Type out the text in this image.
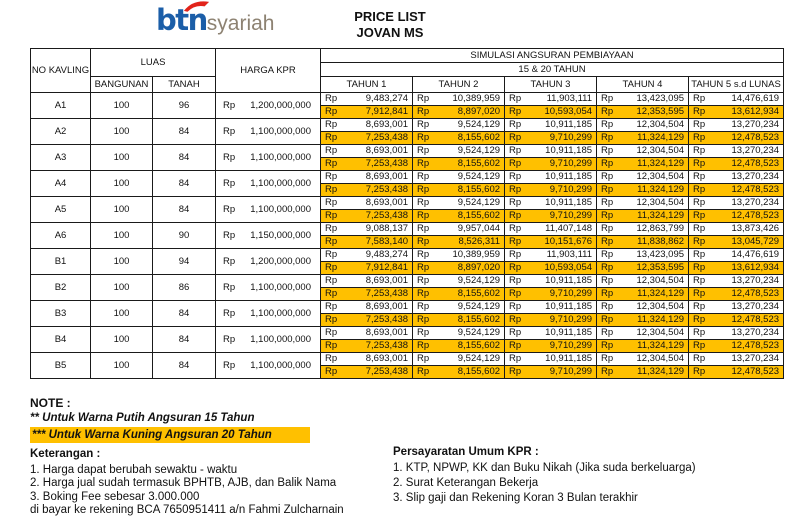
btn syariah	PRICE LIST
JOVAN MS
NO KAVLING	LUAS		HARGA KPR	SIMULASI ANGSURAN PEMBIAYAAN				
				15 & 20 TAHUN				
	BANGUNAN	TANAH		TAHUN 1	TAHUN 2	TAHUN 3	TAHUN 4	TAHUN 5 s.d LUNAS
A1	100	96	Rp 1,200,000,000	Rp 9,483,274	Rp 10,389,959	Rp 11,903,111	Rp 13,423,095	Rp 14,476,619

				Rp 7,912,841	Rp 8,897,020	Rp 10,593,054	Rp 12,353,595	Rp 13,612,934

A2	100	84	Rp 1,100,000,000	Rp 8,693,001	Rp 9,524,129	Rp 10,911,185	Rp 12,304,504	Rp 13,270,234

				Rp 7,253,438	Rp 8,155,602	Rp 9,710,299	Rp 11,324,129	Rp 12,478,523

A3	100	84	Rp 1,100,000,000	Rp 8,693,001	Rp 9,524,129	Rp 10,911,185	Rp 12,304,504	Rp 13,270,234

				Rp 7,253,438	Rp 8,155,602	Rp 9,710,299	Rp 11,324,129	Rp 12,478,523

A4	100	84	Rp 1,100,000,000	Rp 8,693,001	Rp 9,524,129	Rp 10,911,185	Rp 12,304,504	Rp 13,270,234

				Rp 7,253,438	Rp 8,155,602	Rp 9,710,299	Rp 11,324,129	Rp 12,478,523

A5	100	84	Rp 1,100,000,000	Rp 8,693,001	Rp 9,524,129	Rp 10,911,185	Rp 12,304,504	Rp 13,270,234

				Rp 7,253,438	Rp 8,155,602	Rp 9,710,299	Rp 11,324,129	Rp 12,478,523

A6	100	90	Rp 1,150,000,000	Rp 9,088,137	Rp 9,957,044	Rp 11,407,148	Rp 12,863,799	Rp 13,873,426

				Rp 7,583,140	Rp 8,526,311	Rp 10,151,676	Rp 11,838,862	Rp 13,045,729

B1	100	94	Rp 1,200,000,000	Rp 9,483,274	Rp 10,389,959	Rp 11,903,111	Rp 13,423,095	Rp 14,476,619

				Rp 7,912,841	Rp 8,897,020	Rp 10,593,054	Rp 12,353,595	Rp 13,612,934

B2	100	86	Rp 1,100,000,000	Rp 8,693,001	Rp 9,524,129	Rp 10,911,185	Rp 12,304,504	Rp 13,270,234

				Rp 7,253,438	Rp 8,155,602	Rp 9,710,299	Rp 11,324,129	Rp 12,478,523

B3	100	84	Rp 1,100,000,000	Rp 8,693,001	Rp 9,524,129	Rp 10,911,185	Rp 12,304,504	Rp 13,270,234

				Rp 7,253,438	Rp 8,155,602	Rp 9,710,299	Rp 11,324,129	Rp 12,478,523

B4	100	84	Rp 1,100,000,000	Rp 8,693,001	Rp 9,524,129	Rp 10,911,185	Rp 12,304,504	Rp 13,270,234

				Rp 7,253,438	Rp 8,155,602	Rp 9,710,299	Rp 11,324,129	Rp 12,478,523

B5	100	84	Rp 1,100,000,000	Rp 8,693,001	Rp 9,524,129	Rp 10,911,185	Rp 12,304,504	Rp 13,270,234

				Rp 7,253,438	Rp 8,155,602	Rp 9,710,299	Rp 11,324,129	Rp 12,478,523
NOTE :
** Untuk Warna Putih Angsuran 15 Tahun
*** Untuk Warna Kuning Angsuran 20 Tahun
Keterangan :
1. Harga dapat berubah sewaktu - waktu
2. Harga jual sudah termasuk BPHTB, AJB, dan Balik Nama
3. Boking Fee sebesar 3.000.000
di bayar ke rekening BCA 7650951411 a/n Fahmi Zulcharnain
Persayaratan Umum KPR :
1. KTP, NPWP, KK dan Buku Nikah (Jika suda berkeluarga)
2. Surat Keterangan Bekerja
3. Slip gaji dan Rekening Koran 3 Bulan terakhir
